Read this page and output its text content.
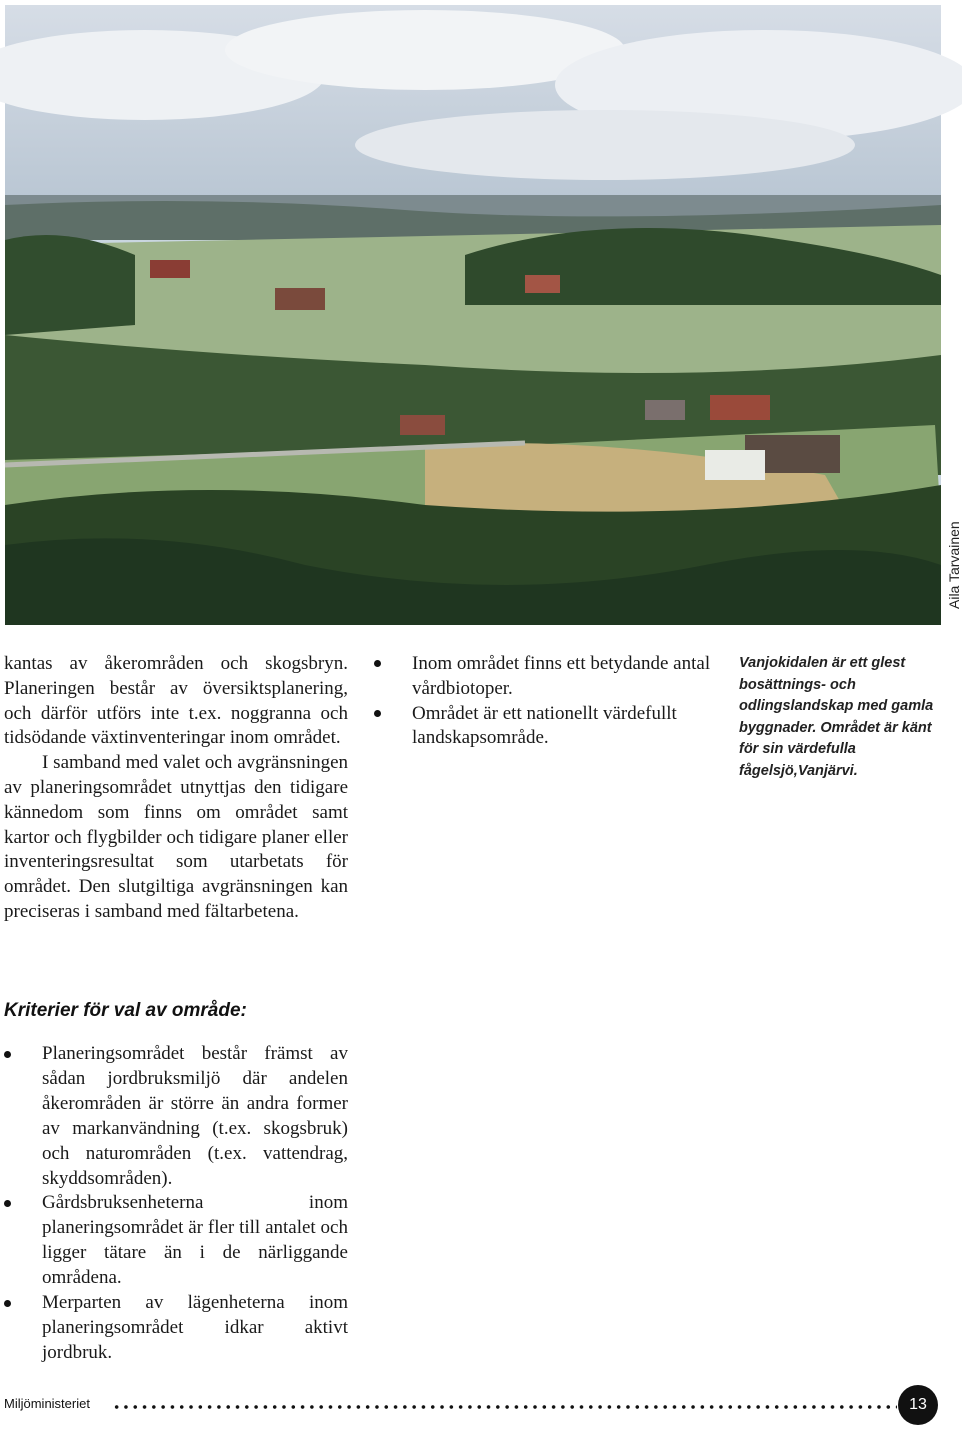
Aila Tarvainen

kantas av åkerområden och skogsbryn. Planeringen består av översiktsplanering, och därför utförs inte t.ex. noggranna och tidsödande växtinventeringar inom området.

I samband med valet och avgränsningen av planeringsområdet utnyttjas den tidigare kännedom som finns om området samt kartor och flygbilder och tidigare planer eller inventeringsresultat som utarbetats för området. Den slutgiltiga avgränsningen kan preciseras i samband med fältarbetena.

Inom området finns ett betydande antal vårdbiotoper.
Området är ett nationellt värdefullt landskapsområde.
Vanjokidalen är ett glest bosättnings- och odlingslandskap med gamla byggnader. Området är känt för sin värdefulla fågelsjö,Vanjärvi.
Kriterier för val av område:
Planeringsområdet består främst av sådan jordbruksmiljö där andelen åkerområden är större än andra former av markanvändning (t.ex. skogsbruk) och naturområden (t.ex. vattendrag, skyddsområden).
Gårdsbruksenheterna inom planeringsområdet är fler till antalet och ligger tätare än i de närliggande områdena.
Merparten av lägenheterna inom planeringsområdet idkar aktivt jordbruk.
Miljöministeriet	13
